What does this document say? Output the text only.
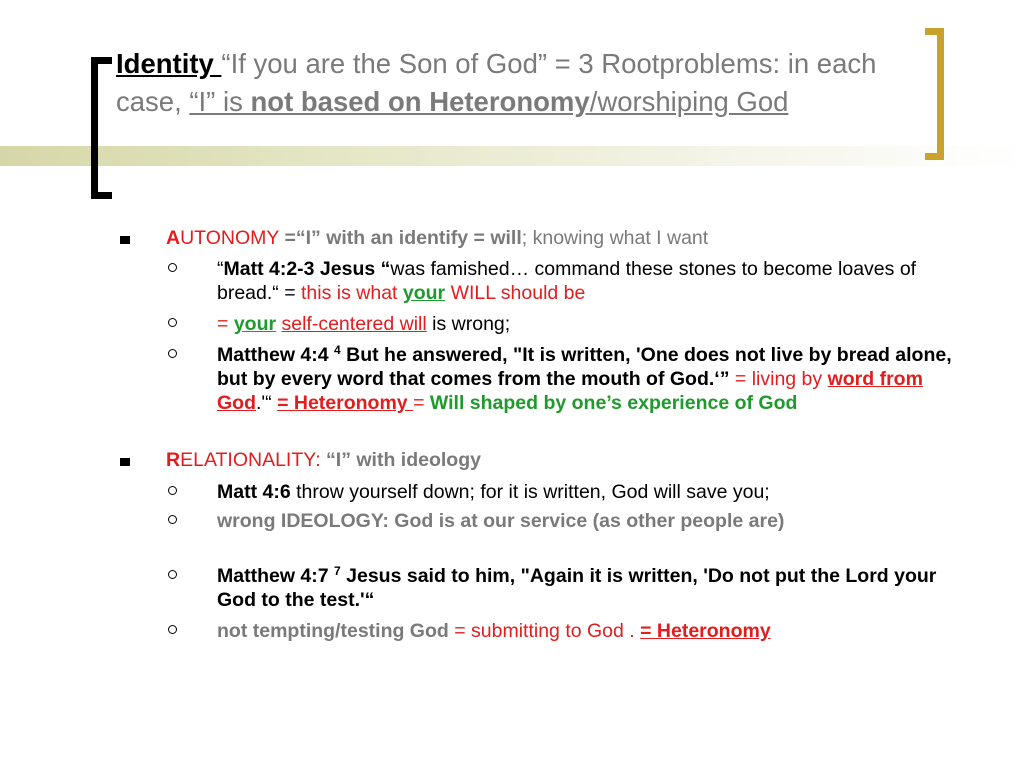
Identity “If you are the Son of God” = 3 Rootproblems: in each case, “I” is not based on Heteronomy/worshiping God
AUTONOMY =“I” with an identify = will; knowing what I want
“Matt 4:2-3 Jesus “was famished… command these stones to become loaves of bread.“ = this is what your WILL should be
= your self-centered will is wrong;
Matthew 4:4 $^4$ But he answered, "It is written, 'One does not live by bread alone, but by every word that comes from the mouth of God.‘” = living by word from God.'“ = Heteronomy = Will shaped by one’s experience of God
RELATIONALITY: “I” with ideology
Matt 4:6 throw yourself down; for it is written, God will save you;
wrong IDEOLOGY: God is at our service (as other people are)
Matthew 4:7 $^7$ Jesus said to him, "Again it is written, 'Do not put the Lord your God to the test.'“
not tempting/testing God = submitting to God . = Heteronomy
